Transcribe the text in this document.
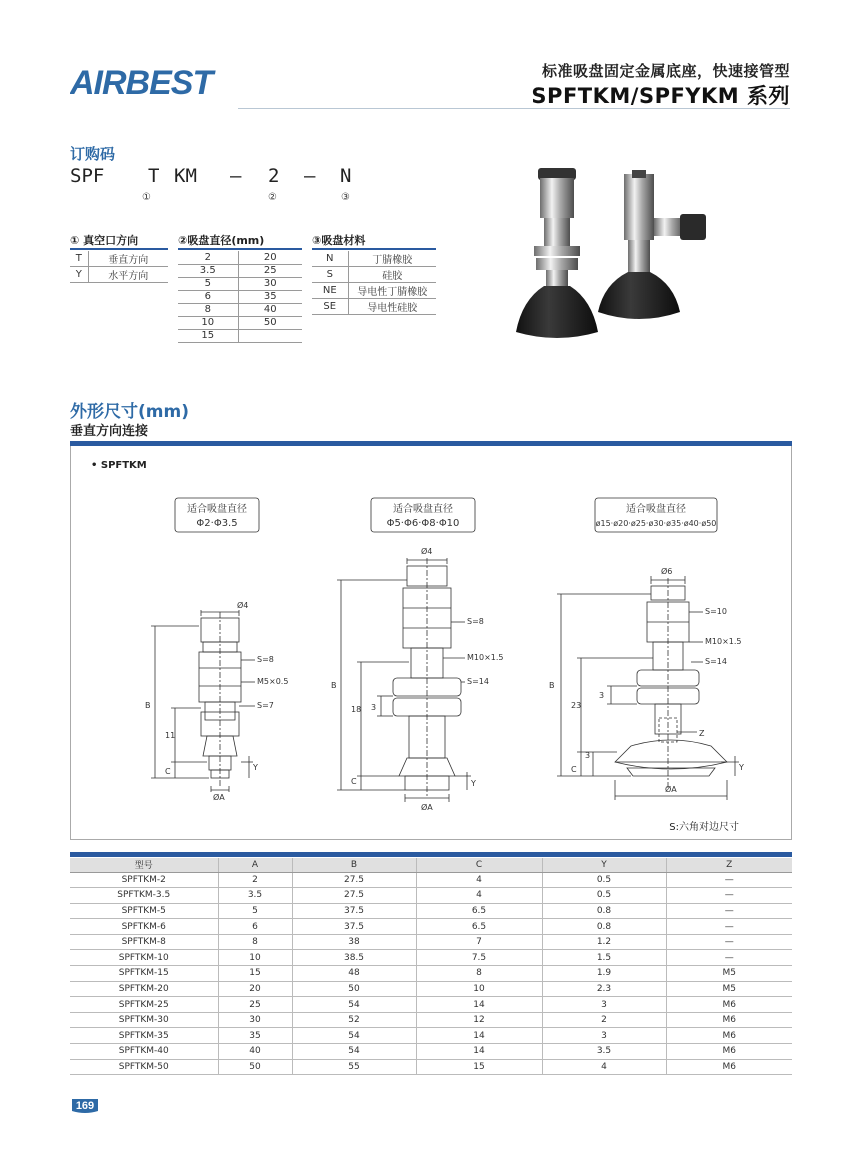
AIRBEST	标准吸盘固定金属底座，快速接管型
SPFTKM/SPFYKM 系列
订购码
SPF T KM – 2 – N
①	②	③
① 真空口方向
T	垂直方向
Y	水平方向
②吸盘直径(mm)
2	20
3.5	25
5	30
6	35
8	40
10	50
15	
③吸盘材料
N	丁腈橡胶
S	硅胶
NE	导电性丁腈橡胶
SE	导电性硅胶
外形尺寸(mm)
垂直方向连接
• SPFTKM
适合吸盘直径
Φ2·Φ3.5
适合吸盘直径
Φ5·Φ6·Φ8·Φ10
适合吸盘直径
ø15·ø20·ø25·ø30·ø35·ø40·ø50
Ø4
S=8
M5×0.5
S=7
B
11
C	Y
ØA
Ø4
S=8
M10×1.5
S=14
B
18 3
C	Y
ØA
Ø6
S=10
M10×1.5
S=14
B
23
3
3
C	Y
Z
ØA
S:六角对边尺寸
型号	A	B	C	Y	Z
SPFTKM-2	2	27.5	4	0.5	—
SPFTKM-3.5	3.5	27.5	4	0.5	—
SPFTKM-5	5	37.5	6.5	0.8	—
SPFTKM-6	6	37.5	6.5	0.8	—
SPFTKM-8	8	38	7	1.2	—
SPFTKM-10	10	38.5	7.5	1.5	—
SPFTKM-15	15	48	8	1.9	M5
SPFTKM-20	20	50	10	2.3	M5
SPFTKM-25	25	54	14	3	M6
SPFTKM-30	30	52	12	2	M6
SPFTKM-35	35	54	14	3	M6
SPFTKM-40	40	54	14	3.5	M6
SPFTKM-50	50	55	15	4	M6
169
